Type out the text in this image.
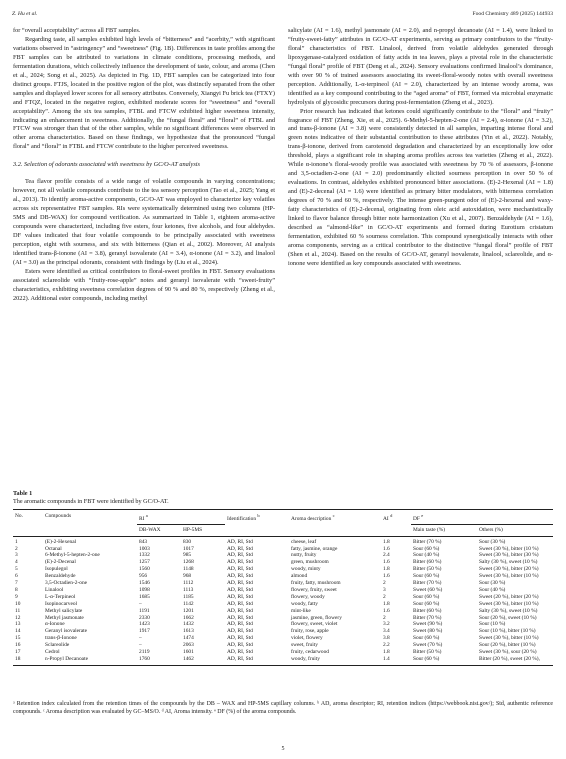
Z. Hu et al.	Food Chemistry 489 (2025) 144933

for “overall acceptability” across all FBT samples.

Regarding taste, all samples exhibited high levels of “bitterness” and “acerbity,” with significant variations observed in “astringency” and “sweetness” (Fig. 1B). Differences in taste profiles among the FBT samples can be attributed to variations in climate conditions, processing methods, and fermentation durations, which collectively influence the development of taste, colour, and aroma (Chen et al., 2024; Song et al., 2025). As depicted in Fig. 1D, FBT samples can be categorized into four distinct groups. FTJS, located in the positive region of the plot, was distinctly separated from the other samples and displayed lower scores for all sensory attributes. Conversely, Xiangyi Fu brick tea (FTXY) and FTQZ, located in the negative region, exhibited moderate scores for “sweetness” and “overall acceptability”. Among the six tea samples, FTBL and FTCW exhibited higher sweetness intensity, indicating an enhancement in sweetness. Additionally, the “fungal floral” and “floral” of FTBL and FTCW was stronger than that of the other samples, while no significant differences were observed in other aroma characteristics. Based on these findings, we hypothesize that the pronounced “fungal floral” and “floral” in FTBL and FTCW contribute to the higher perceived sweetness.

3.2. Selection of odorants associated with sweetness by GC/O-AT analysis

Tea flavor profile consists of a wide range of volatile compounds in varying concentrations; however, not all volatile compounds contribute to the tea sensory perception (Tao et al., 2025; Yang et al., 2013). To identify aroma-active components, GC/O-AT was employed to characterize key volatiles across six representative FBT samples. RIs were systematically determined using two columns (HP-5MS and DB-WAX) for compound verification. As summarized in Table 1, eighteen aroma-active compounds were characterized, including five esters, four ketones, five alcohols, and four aldehydes. DF values indicated that four volatile compounds to be principally associated with sweetness perception, eight with sourness, and six with bitterness (Qian et al., 2002). Moreover, AI analysis identified trans-β-ionone (AI = 3.8), geranyl isovalerate (AI = 3.4), α-ionone (AI = 3.2), and linalool (AI = 3.0) as the principal odorants, consistent with findings by (Liu et al., 2024).

Esters were identified as critical contributors to floral-sweet profiles in FBT. Sensory evaluations associated sclareolide with “fruity-rose-apple” notes and geranyl isovalerate with “sweet-fruity” characteristics, exhibiting sweetness correlation degrees of 90 % and 80 %, respectively (Zheng et al., 2022). Additional ester compounds, including methyl

salicylate (AI = 1.6), methyl jasmonate (AI = 2.0), and n-propyl decanoate (AI = 1.4), were linked to “fruity-sweet-fatty” attributes in GC/O-AT experiments, serving as primary contributors to the “fruity-floral” characteristics of FBT. Linalool, derived from volatile aldehydes generated through lipoxygenase-catalyzed oxidation of fatty acids in tea leaves, plays a pivotal role in the characteristic “fungal floral” profile of FBT (Deng et al., 2024). Sensory evaluations confirmed linalool’s dominance, with over 90 % of trained assessors associating its sweet-floral-woody notes with overall sweetness perception. Additionally, L-α-terpineol (AI = 2.0), characterized by an intense woody aroma, was identified as a key compound contributing to the “aged aroma” of FBT, formed via microbial enzymatic hydrolysis of glycosidic precursors during post-fermentation (Zheng et al., 2023).

Prior research has indicated that ketones could significantly contribute to the “floral” and “fruity” fragrance of FBT (Zheng, Xie, et al., 2025). 6-Methyl-5-hepten-2-one (AI = 2.4), α-ionone (AI = 3.2), and trans-β-ionone (AI = 3.8) were consistently detected in all samples, imparting intense floral and green notes indicative of their substantial contribution to these attributes (Yin et al., 2022). Notably, trans-β-ionone, derived from carotenoid degradation and characterized by an exceptionally low odor threshold, plays a significant role in shaping aroma profiles across tea varieties (Zheng et al., 2022). While α-ionone’s floral-woody profile was associated with sweetness by 70 % of assessors, β-ionone and 3,5-octadien-2-one (AI = 2.0) predominantly elicited sourness perception in over 50 % of evaluations. In contrast, aldehydes exhibited pronounced bitter associations. (E)-2-Hexenal (AI = 1.8) and (E)-2-decenal (AI = 1.6) were identified as primary bitter modulators, with bitterness correlation degrees of 70 % and 60 %, respectively. The intense green-pungent odor of (E)-2-hexenal and waxy-fatty characteristics of (E)-2-decenal, originating from oleic acid autoxidation, were mechanistically linked to flavor balance through bitter note harmonization (Xu et al., 2007). Benzaldehyde (AI = 1.6), described as “almond-like” in GC/O-AT experiments and formed during Eurotium cristatum fermentation, exhibited 60 % sourness correlation. This compound synergistically interacts with other aroma components, serving as a critical contributor to the distinctive “fungal floral” profile of FBT (Shen et al., 2024). Based on the results of GC/O-AT, geranyl isovalerate, linalool, sclareolide, and α-ionone were identified as key compounds associated with sweetness.

Table 1

The aromatic compounds in FBT were identified by GC/O-AT.

No.	Compounds	RI $^a$		Identification $^b$	Aroma description $^c$	AI $^d$	DF $^e$
		DB-WAX	HP-5MS				Main taste (%)	Others (%)
1	(E)-2-Hexenal	843	830	AD, RI, Std	cheese, leaf	1.8	Bitter (70 %)	Sour (30 %)
2	Octanal	1003	1017	AD, RI, Std	fatty, jasmine, orange	1.6	Sour (60 %)	Sweet (30 %), bitter (10 %)
3	6-Methyl-5-hepten-2-one	1332	985	AD, RI, Std	nutty, fruity	2.4	Sour (40 %)	Sweet (30 %), bitter (30 %)
4	(E)-2-Decenal	1257	1268	AD, RI, Std	green, mushroom	1.6	Bitter (60 %)	Salty (30 %), sweet (10 %)
5	Isopulegol	1560	1148	AD, RI, Std	woody, minty	1.8	Bitter (50 %)	Sweet (30 %), bitter (20 %)
6	Benzaldehyde	956	968	AD, RI, Std	almond	1.6	Sour (60 %)	Sweet (30 %), bitter (10 %)
7	3,5-Octadien-2-one	1546	1112	AD, RI, Std	fruity, fatty, mushroom	2	Bitter (70 %)	Sour (30 %)
8	Linalool	1098	1113	AD, RI, Std	flowery, fruity, sweet	3	Sweet (60 %)	Sour (40 %)
9	L-α-Terpineol	1685	1185	AD, RI, Std	flowery, woody	2	Sour (60 %)	Sweet (20 %), bitter (20 %)
10	Isopinocarveol	–	1142	AD, RI, Std	woody, fatty	1.8	Sour (60 %)	Sweet (30 %), bitter (10 %)
11	Methyl salicylate	1191	1201	AD, RI, Std	mint-like	1.6	Bitter (60 %)	Salty (30 %), sweet (10 %)
12	Methyl jasmonate	2330	1662	AD, RI, Std	jasmine, green, flowery	2	Bitter (70 %)	Sour (20 %), sweet (10 %)
13	α-Ionone	1423	1432	AD, RI, Std	flowery, sweet, violet	3.2	Sweet (90 %)	Sour (10 %)
14	Geranyl isovalerate	1917	1613	AD, RI, Std	fruity, rose, apple	3.4	Sweet (80 %)	Sour (10 %), bitter (10 %)
15	trans-β-Ionone	–	1474	AD, RI, Std	violet, flowery	3.8	Sour (60 %)	Sweet (30 %), bitter (10 %)
16	Sclareolide	–	2063	AD, RI, Std	sweet, fruity	2.2	Sweet (70 %)	Sour (20 %), bitter (10 %)
17	Cedrol	2119	1601	AD, RI, Std	fruity, cedarwood	1.8	Bitter (50 %)	Sweet (30 %), sour (20 %)
18	n-Propyl Decanoate	1760	1462	AD, RI, Std	woody, fruity	1.4	Sour (60 %)	Bitter (20 %), sweet (20 %),
ᵃ Retention index calculated from the retention times of the compounds by the DB – WAX and HP-5MS capillary columns. ᵇ AD, aroma descriptor; RI, retention indices (https://webbook.nist.gov/); Std, authentic reference compounds. ᶜ Aroma description was evaluated by GC–MS/O. ᵈ AI, Aroma intensity. ᵉ DF (%) of the aroma compounds.
5
